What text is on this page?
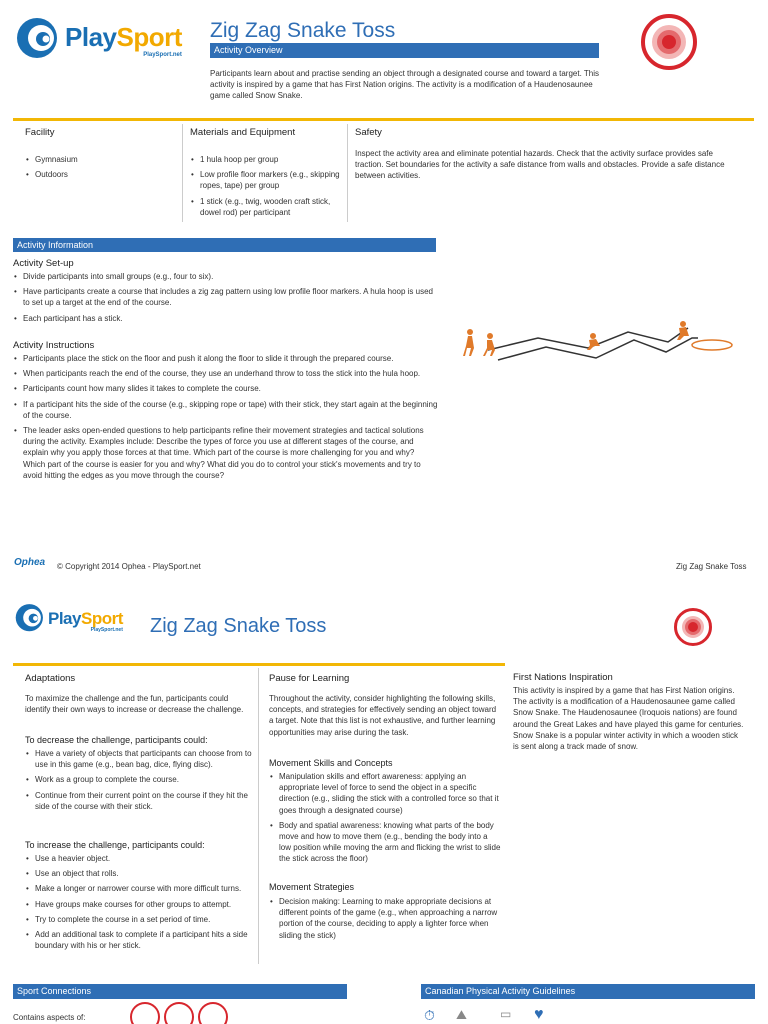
PlaySport
PlaySport.net
Zig Zag Snake Toss
Activity Overview
Participants learn about and practise sending an object through a designated course and toward a target. This activity is inspired by a game that has First Nation origins. The activity is a modification of a Haudenosaunee game called Snow Snake.
Facility
• Gymnasium
• Outdoors
Materials and Equipment
• 1 hula hoop per group
• Low profile floor markers (e.g., skipping ropes, tape) per group
• 1 stick (e.g., twig, wooden craft stick, dowel rod) per participant
Safety
Inspect the activity area and eliminate potential hazards. Check that the activity surface provides safe traction. Set boundaries for the activity a safe distance from walls and obstacles. Provide a safe distance between activities.
Activity Information
Activity Set-up
• Divide participants into small groups (e.g., four to six).
• Have participants create a course that includes a zig zag pattern using low profile floor markers. A hula hoop is used to set up a target at the end of the course.
• Each participant has a stick.
Activity Instructions
• Participants place the stick on the floor and push it along the floor to slide it through the prepared course.
• When participants reach the end of the course, they use an underhand throw to toss the stick into the hula hoop.
• Participants count how many slides it takes to complete the course.
• If a participant hits the side of the course (e.g., skipping rope or tape) with their stick, they start again at the beginning of the course.
• The leader asks open-ended questions to help participants refine their movement strategies and tactical solutions during the activity. Examples include: Describe the types of force you use at different stages of the course, and explain why you apply those forces at that time. Which part of the course is more challenging for you and why? Which part of the course is easier for you and why? What did you do to control your stick's movements and try to avoid hitting the edges as you move through the course?
Ophea	© Copyright 2014 Ophea - PlaySport.net	Zig Zag Snake Toss
PlaySport
PlaySport.net Zig Zag Snake Toss
Adaptations
To maximize the challenge and the fun, participants could identify their own ways to increase or decrease the challenge.
To decrease the challenge, participants could:
• Have a variety of objects that participants can choose from to use in this game (e.g., bean bag, dice, flying disc).
• Work as a group to complete the course.
• Continue from their current point on the course if they hit the side of the course with their stick.
To increase the challenge, participants could:
• Use a heavier object.
• Use an object that rolls.
• Make a longer or narrower course with more difficult turns.
• Have groups make courses for other groups to attempt.
• Try to complete the course in a set period of time.
• Add an additional task to complete if a participant hits a side boundary with his or her stick.
Pause for Learning
Throughout the activity, consider highlighting the following skills, concepts, and strategies for effectively sending an object toward a target. Note that this list is not exhaustive, and further learning opportunities may arise during the task.
Movement Skills and Concepts
• Manipulation skills and effort awareness: applying an appropriate level of force to send the object in a specific direction (e.g., sliding the stick with a controlled force so that it goes through a designated course)
• Body and spatial awareness: knowing what parts of the body move and how to move them (e.g., bending the body into a low position while moving the arm and flicking the wrist to slide the stick across the floor)
Movement Strategies
• Decision making: Learning to make appropriate decisions at different points of the game (e.g., when approaching a narrow portion of the course, deciding to apply a lighter force when sliding the stick)
First Nations Inspiration
This activity is inspired by a game that has First Nation origins. The activity is a modification of a Haudenosaunee game called Snow Snake. The Haudenosaunee (Iroquois nations) are found around the Great Lakes and have played this game for centuries. Snow Snake is a popular winter activity in which a wooden stick is sent along a track made of snow.
Sport Connections
Contains aspects of:
Canadian Physical Activity Guidelines
⏱ ⛰	▭ ♥
